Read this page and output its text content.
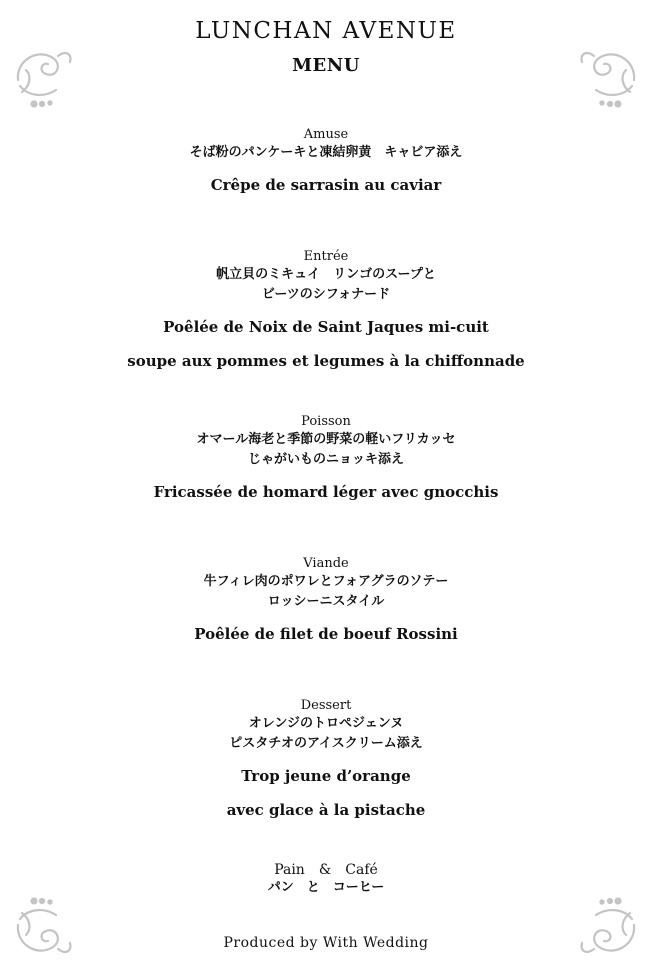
LUNCHAN AVENUE
MENU
Amuse
そば粉のパンケーキと凍結卵黄　キャビア添え
Crêpe de sarrasin au caviar
Entrée
帆立貝のミキュイ　リンゴのスープと
ビーツのシフォナード
Poêlée de Noix de Saint Jaques mi-cuit
soupe aux pommes et legumes à la chiffonnade
Poisson
オマール海老と季節の野菜の軽いフリカッセ
じゃがいものニョッキ添え
Fricassée de homard léger avec gnocchis
Viande
牛フィレ肉のポワレとフォアグラのソテー
ロッシーニスタイル
Poêlée de filet de boeuf Rossini
Dessert
オレンジのトロペジェンヌ
ピスタチオのアイスクリーム添え
Trop jeune d’orange
avec glace à la pistache
Pain　&　Café
パン　と　コーヒー
Produced by With Wedding
